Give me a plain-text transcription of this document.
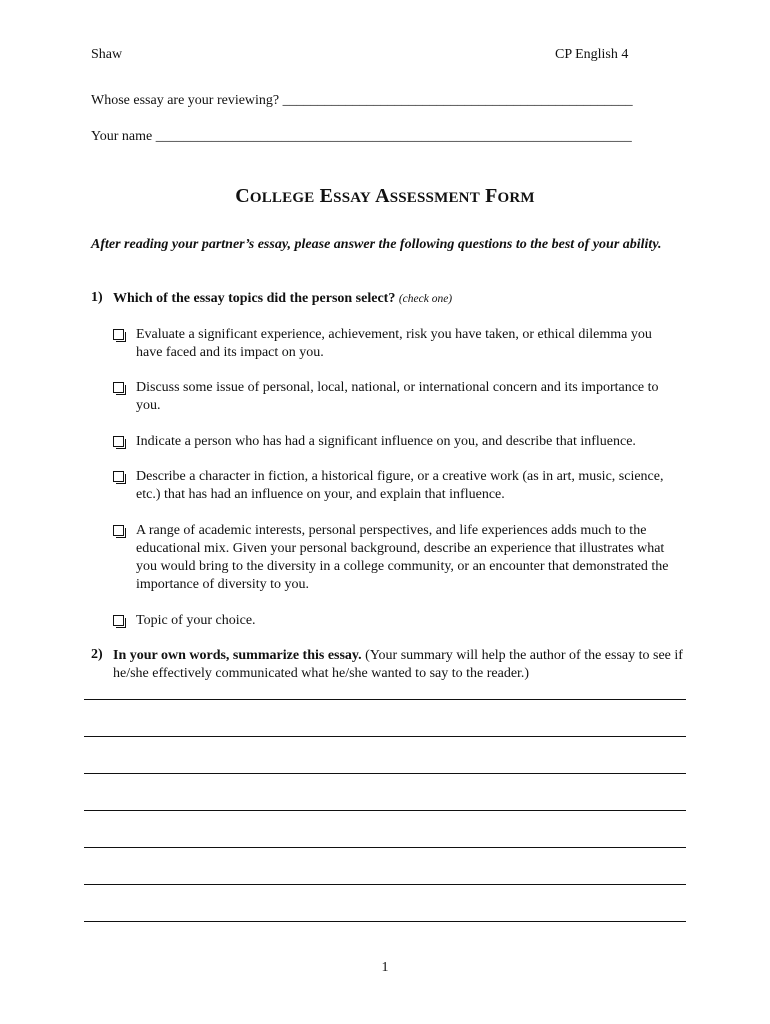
Shaw	CP English 4
Whose essay are your reviewing? __________________________________________________
Your name ____________________________________________________________________
COLLEGE ESSAY ASSESSMENT FORM
After reading your partner’s essay, please answer the following questions to the best of your ability.
1) Which of the essay topics did the person select? (check one)
Evaluate a significant experience, achievement, risk you have taken, or ethical dilemma you have faced and its impact on you.
Discuss some issue of personal, local, national, or international concern and its importance to you.
Indicate a person who has had a significant influence on you, and describe that influence.
Describe a character in fiction, a historical figure, or a creative work (as in art, music, science, etc.) that has had an influence on your, and explain that influence.
A range of academic interests, personal perspectives, and life experiences adds much to the educational mix. Given your personal background, describe an experience that illustrates what you would bring to the diversity in a college community, or an encounter that demonstrated the importance of diversity to you.
Topic of your choice.
2) In your own words, summarize this essay. (Your summary will help the author of the essay to see if he/she effectively communicated what he/she wanted to say to the reader.)
1
